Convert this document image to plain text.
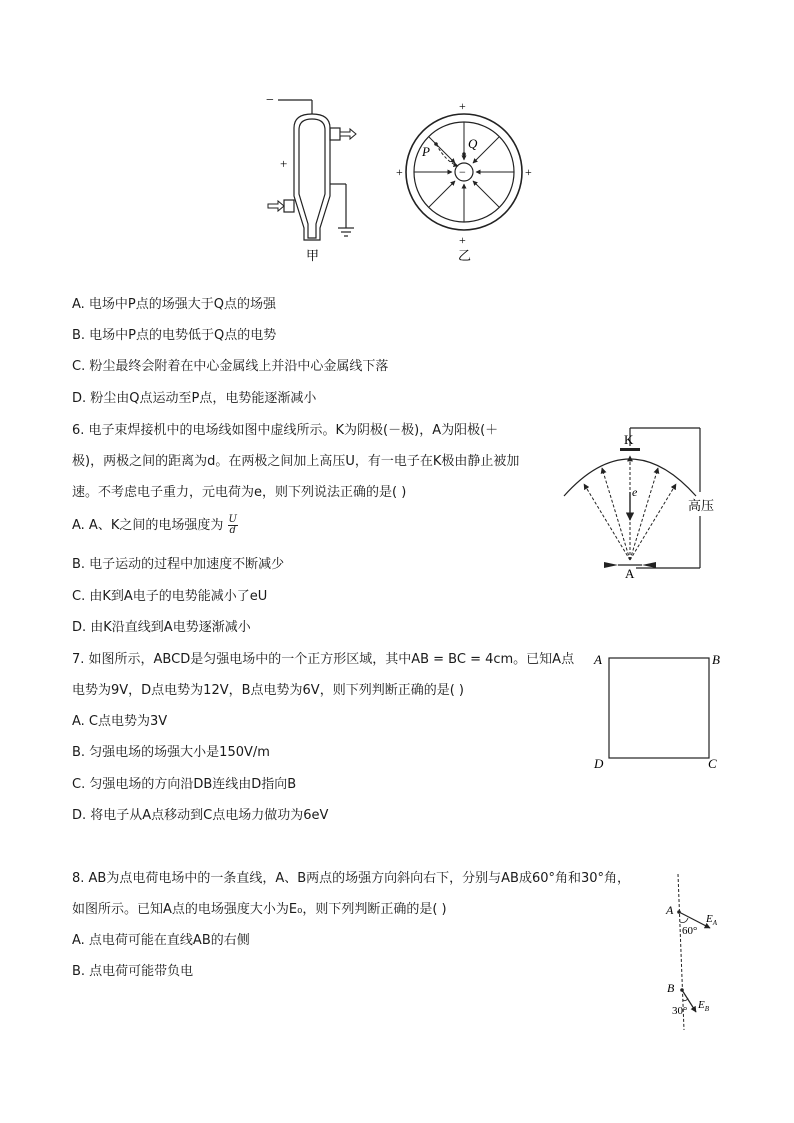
−
+
甲
−
P
Q
+
+
+	+
乙
A. 电场中P点的场强大于Q点的场强
B. 电场中P点的电势低于Q点的电势
C. 粉尘最终会附着在中心金属线上并沿中心金属线下落
D. 粉尘由Q点运动至P点，电势能逐渐减小
6. 电子束焊接机中的电场线如图中虚线所示。K为阴极(－极)，A为阳极(＋
极)，两极之间的距离为d。在两极之间加上高压U，有一电子在K极由静止被加
速。不考虑电子重力，元电荷为e，则下列说法正确的是( )
A. A、K之间的电场强度为 $\frac{U}{d}$
B. 电子运动的过程中加速度不断减少
C. 由K到A电子的电势能减小了eU
D. 由K沿直线到A电势逐渐减小
K
e
A
高压
7. 如图所示，ABCD是匀强电场中的一个正方形区域，其中AB = BC = 4cm。已知A点
电势为9V，D点电势为12V，B点电势为6V，则下列判断正确的是( )
A. C点电势为3V
B. 匀强电场的场强大小是150V/m
C. 匀强电场的方向沿DB连线由D指向B
D. 将电子从A点移动到C点电场力做功为6eV
A	B
D	C
8. AB为点电荷电场中的一条直线，A、B两点的场强方向斜向右下，分别与AB成60°角和30°角，
如图所示。已知A点的电场强度大小为E₀，则下列判断正确的是( )
A. 点电荷可能在直线AB的右侧
B. 点电荷可能带负电
A
60°
$E_A$
B
30° $E_B$
